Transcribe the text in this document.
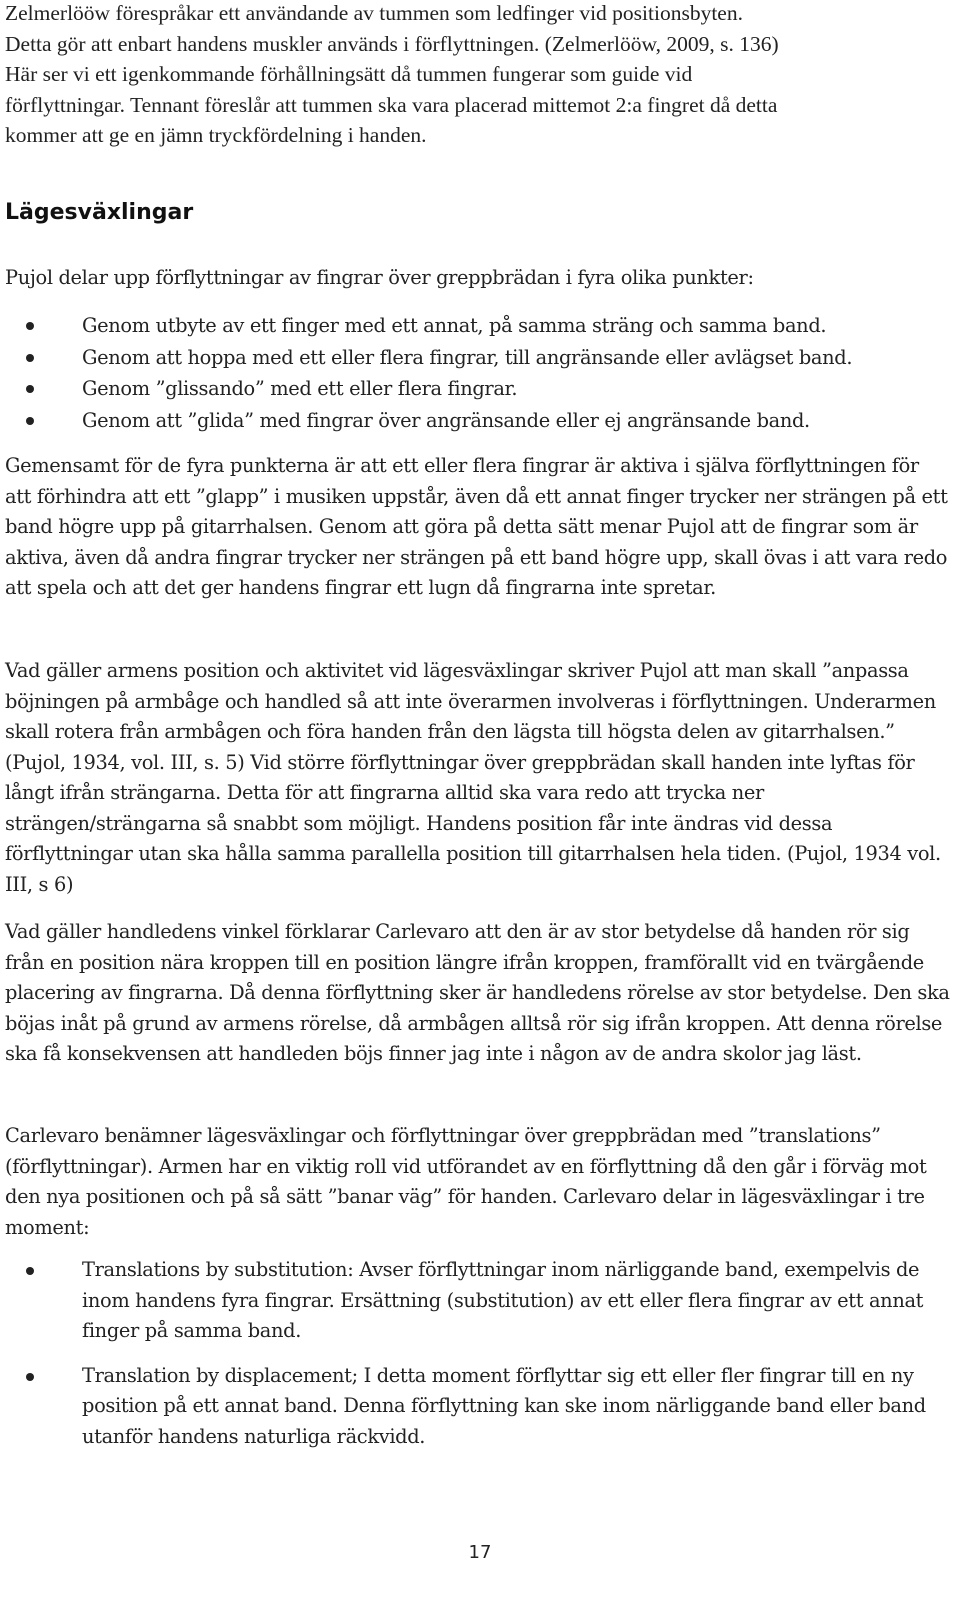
Zelmerlööw förespråkar ett användande av tummen som ledfinger vid positionsbyten.
Detta gör att enbart handens muskler används i förflyttningen. (Zelmerlööw, 2009, s. 136)
Här ser vi ett igenkommande förhållningsätt då tummen fungerar som guide vid
förflyttningar. Tennant föreslår att tummen ska vara placerad mittemot 2:a fingret då detta
kommer att ge en jämn tryckfördelning i handen.
Lägesväxlingar
Pujol delar upp förflyttningar av fingrar över greppbrädan i fyra olika punkter:
Genom utbyte av ett finger med ett annat, på samma sträng och samma band.
Genom att hoppa med ett eller flera fingrar, till angränsande eller avlägset band.
Genom ”glissando” med ett eller flera fingrar.
Genom att ”glida” med fingrar över angränsande eller ej angränsande band.

Gemensamt för de fyra punkterna är att ett eller flera fingrar är aktiva i själva förflyttningen för att förhindra att ett ”glapp” i musiken uppstår, även då ett annat finger trycker ner strängen på ett band högre upp på gitarrhalsen. Genom att göra på detta sätt menar Pujol att de fingrar som är aktiva, även då andra fingrar trycker ner strängen på ett band högre upp, skall övas i att vara redo att spela och att det ger handens fingrar ett lugn då fingrarna inte spretar.

Vad gäller armens position och aktivitet vid lägesväxlingar skriver Pujol att man skall ”anpassa böjningen på armbåge och handled så att inte överarmen involveras i förflyttningen. Underarmen skall rotera från armbågen och föra handen från den lägsta till högsta delen av gitarrhalsen.” (Pujol, 1934, vol. III, s. 5) Vid större förflyttningar över greppbrädan skall handen inte lyftas för långt ifrån strängarna. Detta för att fingrarna alltid ska vara redo att trycka ner strängen/strängarna så snabbt som möjligt. Handens position får inte ändras vid dessa förflyttningar utan ska hålla samma parallella position till gitarrhalsen hela tiden. (Pujol, 1934 vol. III, s 6)

Vad gäller handledens vinkel förklarar Carlevaro att den är av stor betydelse då handen rör sig från en position nära kroppen till en position längre ifrån kroppen, framförallt vid en tvärgående placering av fingrarna. Då denna förflyttning sker är handledens rörelse av stor betydelse. Den ska böjas inåt på grund av armens rörelse, då armbågen alltså rör sig ifrån kroppen. Att denna rörelse ska få konsekvensen att handleden böjs finner jag inte i någon av de andra skolor jag läst.

Carlevaro benämner lägesväxlingar och förflyttningar över greppbrädan med ”translations” (förflyttningar). Armen har en viktig roll vid utförandet av en förflyttning då den går i förväg mot den nya positionen och på så sätt ”banar väg” för handen. Carlevaro delar in lägesväxlingar i tre moment:

Translations by substitution: Avser förflyttningar inom närliggande band, exempelvis de inom handens fyra fingrar. Ersättning (substitution) av ett eller flera fingrar av ett annat finger på samma band.
Translation by displacement; I detta moment förflyttar sig ett eller fler fingrar till en ny position på ett annat band. Denna förflyttning kan ske inom närliggande band eller band utanför handens naturliga räckvidd.
17
